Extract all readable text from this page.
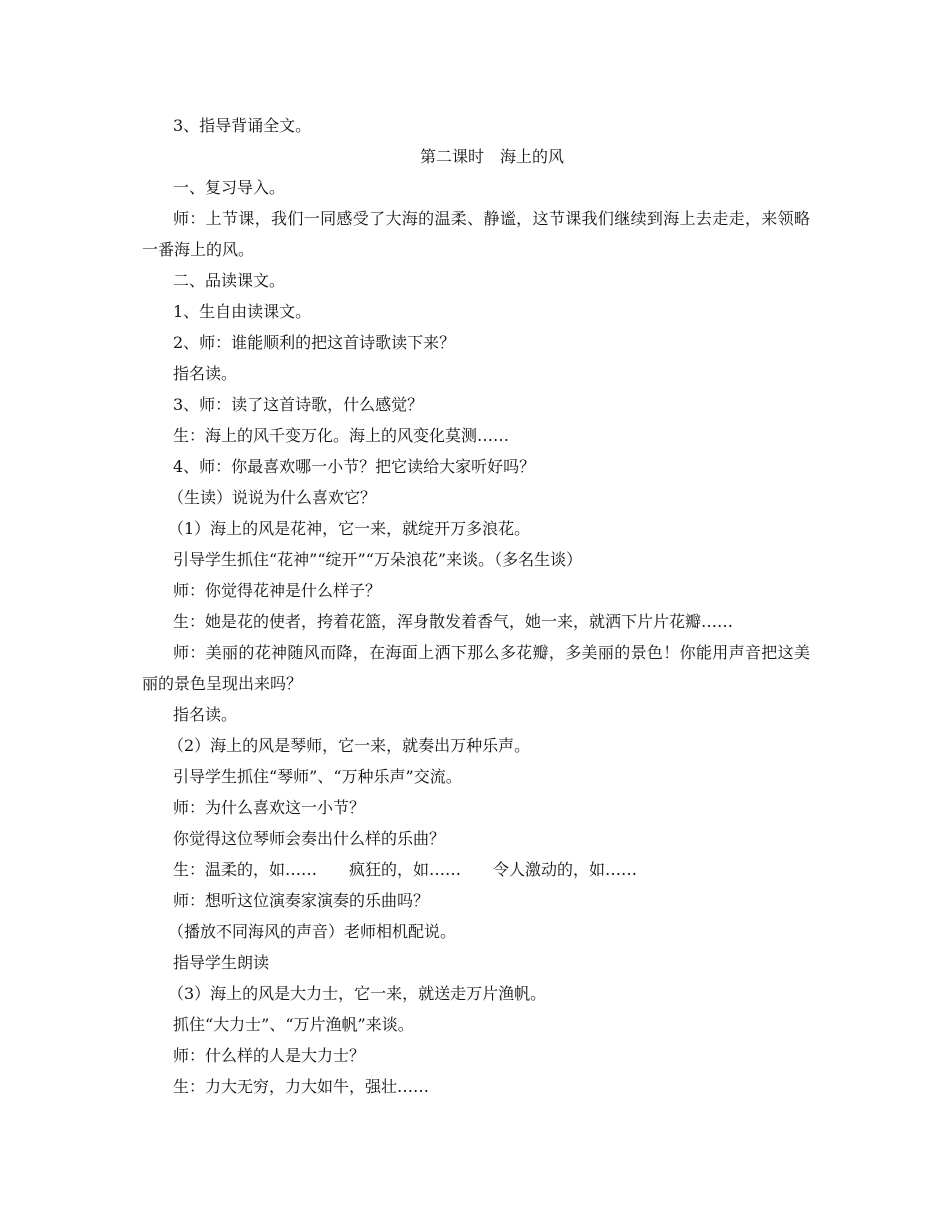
3、指导背诵全文。
第二课时　海上的风
一、复习导入。
师：上节课，我们一同感受了大海的温柔、静谧，这节课我们继续到海上去走走，来领略一番海上的风。
二、品读课文。
1、生自由读课文。
2、师：谁能顺利的把这首诗歌读下来？
指名读。
3、师：读了这首诗歌，什么感觉？
生：海上的风千变万化。海上的风变化莫测……
4、师：你最喜欢哪一小节？把它读给大家听好吗？
（生读）说说为什么喜欢它？
（1）海上的风是花神，它一来，就绽开万多浪花。
引导学生抓住“花神”“绽开”“万朵浪花”来谈。（多名生谈）
师：你觉得花神是什么样子？
生：她是花的使者，挎着花篮，浑身散发着香气，她一来，就洒下片片花瓣……
师：美丽的花神随风而降，在海面上洒下那么多花瓣，多美丽的景色！你能用声音把这美丽的景色呈现出来吗？
指名读。
（2）海上的风是琴师，它一来，就奏出万种乐声。
引导学生抓住“琴师”、“万种乐声”交流。
师：为什么喜欢这一小节？
你觉得这位琴师会奏出什么样的乐曲？
生：温柔的，如……　　疯狂的，如……　　令人激动的，如……
师：想听这位演奏家演奏的乐曲吗？
（播放不同海风的声音）老师相机配说。
指导学生朗读
（3）海上的风是大力士，它一来，就送走万片渔帆。
抓住“大力士”、“万片渔帆”来谈。
师：什么样的人是大力士？
生：力大无穷，力大如牛，强壮……
